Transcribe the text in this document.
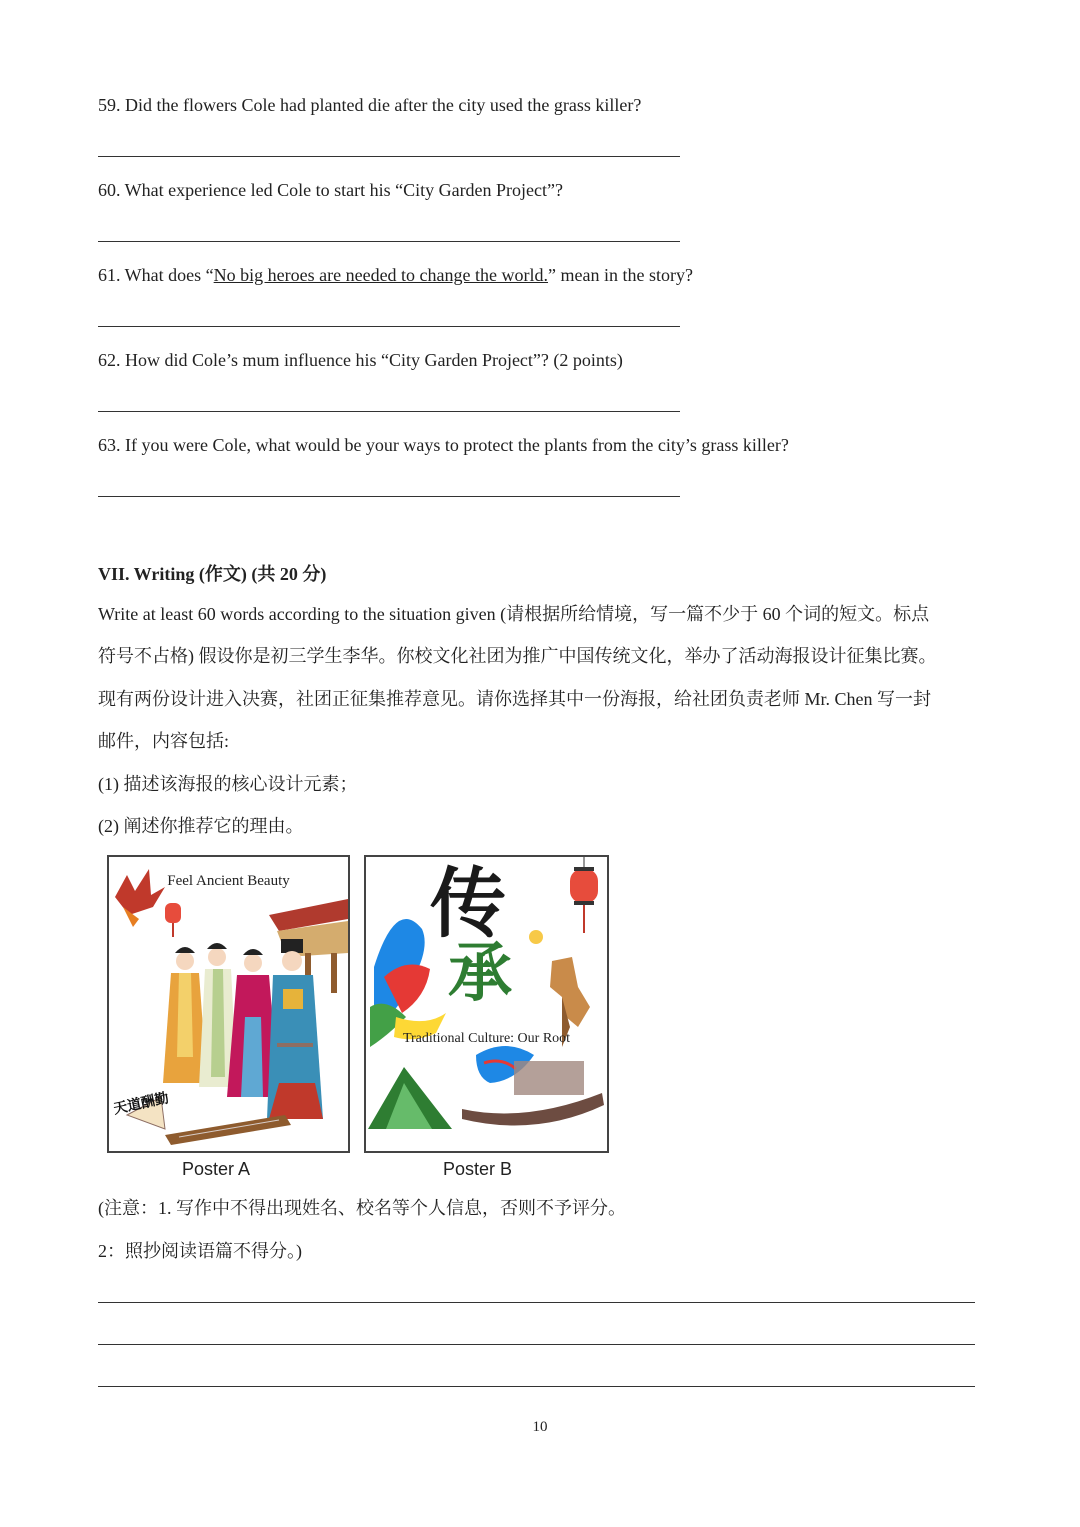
59. Did the flowers Cole had planted die after the city used the grass killer?
60. What experience led Cole to start his “City Garden Project”?
61. What does “No big heroes are needed to change the world.” mean in the story?
62. How did Cole’s mum influence his “City Garden Project”? (2 points)
63. If you were Cole, what would be your ways to protect the plants from the city’s grass killer?
VII. Writing (作文) (共 20 分)
Write at least 60 words according to the situation given (请根据所给情境，写一篇不少于 60 个词的短文。标点
符号不占格) 假设你是初三学生李华。你校文化社团为推广中国传统文化，举办了活动海报设计征集比赛。
现有两份设计进入决赛，社团正征集推荐意见。请你选择其中一份海报，给社团负责老师 Mr. Chen 写一封
邮件，内容包括:
(1) 描述该海报的核心设计元素；
(2) 阐述你推荐它的理由。
Feel Ancient Beauty
天道酬勤
Poster A
传
承
Traditional Culture: Our Root
Poster B
(注意：1. 写作中不得出现姓名、校名等个人信息，否则不予评分。
2：照抄阅读语篇不得分。)
10
